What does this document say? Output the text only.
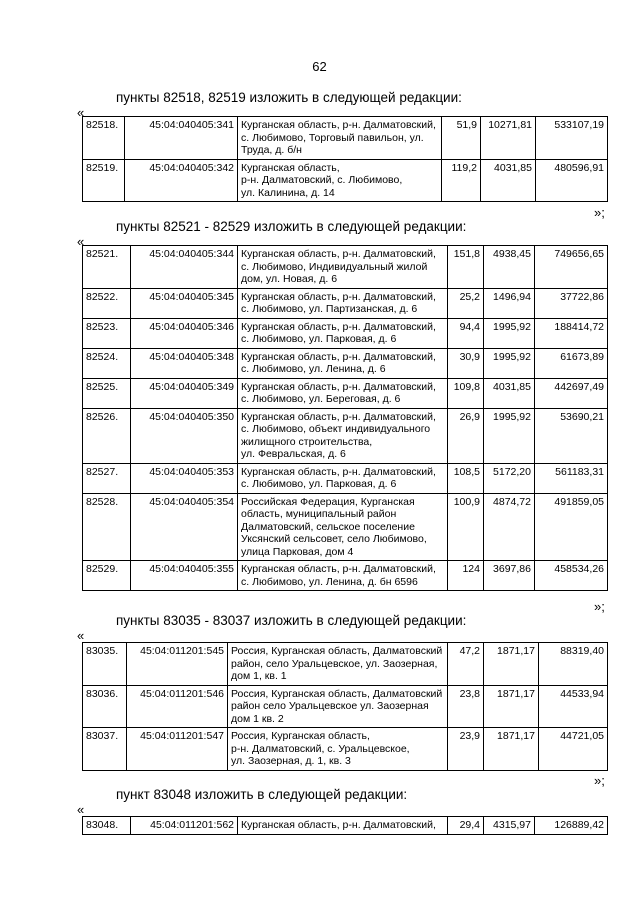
62
пункты 82518, 82519 изложить в следующей редакции:
«
82518.	45:04:040405:341	Курганская область, р-н. Далматовский, с. Любимово, Торговый павильон, ул. Труда, д. б/н	51,9	10271,81	533107,19
82519.	45:04:040405:342	Курганская область,
р-н. Далматовский, с. Любимово,
ул. Калинина, д. 14	119,2	4031,85	480596,91
»;
пункты 82521 - 82529 изложить в следующей редакции:
«
82521.	45:04:040405:344	Курганская область, р-н. Далматовский, с. Любимово, Индивидуальный жилой дом, ул. Новая, д. 6	151,8	4938,45	749656,65
82522.	45:04:040405:345	Курганская область, р-н. Далматовский, с. Любимово, ул. Партизанская, д. 6	25,2	1496,94	37722,86
82523.	45:04:040405:346	Курганская область, р-н. Далматовский, с. Любимово, ул. Парковая, д. 6	94,4	1995,92	188414,72
82524.	45:04:040405:348	Курганская область, р-н. Далматовский, с. Любимово, ул. Ленина, д. 6	30,9	1995,92	61673,89
82525.	45:04:040405:349	Курганская область, р-н. Далматовский, с. Любимово, ул. Береговая, д. 6	109,8	4031,85	442697,49
82526.	45:04:040405:350	Курганская область, р-н. Далматовский, с. Любимово, объект индивидуального жилищного строительства,
ул. Февральская, д. 6	26,9	1995,92	53690,21
82527.	45:04:040405:353	Курганская область, р-н. Далматовский, с. Любимово, ул. Парковая, д. 6	108,5	5172,20	561183,31
82528.	45:04:040405:354	Российская Федерация, Курганская область, муниципальный район Далматовский, сельское поселение Уксянский сельсовет, село Любимово, улица Парковая, дом 4	100,9	4874,72	491859,05
82529.	45:04:040405:355	Курганская область, р-н. Далматовский, с. Любимово, ул. Ленина, д. бн 6596	124	3697,86	458534,26
»;
пункты 83035 - 83037 изложить в следующей редакции:
«
83035.	45:04:011201:545	Россия, Курганская область, Далматовский район, село Уральцевское, ул. Заозерная, дом 1, кв. 1	47,2	1871,17	88319,40
83036.	45:04:011201:546	Россия, Курганская область, Далматовский район село Уральцевское ул. Заозерная дом 1 кв. 2	23,8	1871,17	44533,94
83037.	45:04:011201:547	Россия, Курганская область,
р-н. Далматовский, с. Уральцевское,
ул. Заозерная, д. 1, кв. 3	23,9	1871,17	44721,05
»;
пункт 83048 изложить в следующей редакции:
«
83048.	45:04:011201:562	Курганская область, р-н. Далматовский,	29,4	4315,97	126889,42
